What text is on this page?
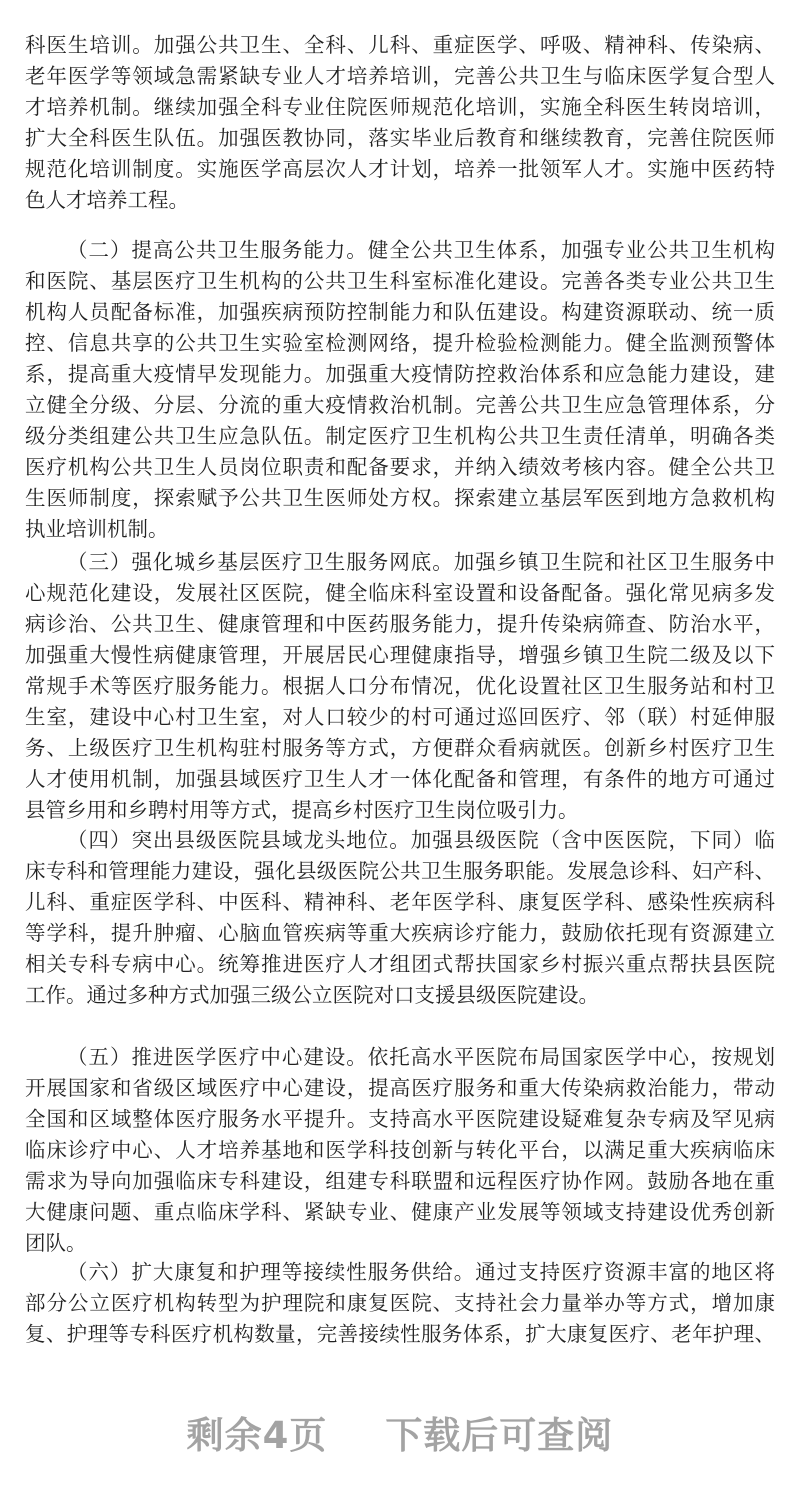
科医生培训。加强公共卫生、全科、儿科、重症医学、呼吸、精神科、传染病、
老年医学等领域急需紧缺专业人才培养培训，完善公共卫生与临床医学复合型人
才培养机制。继续加强全科专业住院医师规范化培训，实施全科医生转岗培训，
扩大全科医生队伍。加强医教协同，落实毕业后教育和继续教育，完善住院医师
规范化培训制度。实施医学高层次人才计划，培养一批领军人才。实施中医药特
色人才培养工程。
（二）提高公共卫生服务能力。健全公共卫生体系，加强专业公共卫生机构
和医院、基层医疗卫生机构的公共卫生科室标准化建设。完善各类专业公共卫生
机构人员配备标准，加强疾病预防控制能力和队伍建设。构建资源联动、统一质
控、信息共享的公共卫生实验室检测网络，提升检验检测能力。健全监测预警体
系，提高重大疫情早发现能力。加强重大疫情防控救治体系和应急能力建设，建
立健全分级、分层、分流的重大疫情救治机制。完善公共卫生应急管理体系，分
级分类组建公共卫生应急队伍。制定医疗卫生机构公共卫生责任清单，明确各类
医疗机构公共卫生人员岗位职责和配备要求，并纳入绩效考核内容。健全公共卫
生医师制度，探索赋予公共卫生医师处方权。探索建立基层军医到地方急救机构
执业培训机制。
（三）强化城乡基层医疗卫生服务网底。加强乡镇卫生院和社区卫生服务中
心规范化建设，发展社区医院，健全临床科室设置和设备配备。强化常见病多发
病诊治、公共卫生、健康管理和中医药服务能力，提升传染病筛查、防治水平，
加强重大慢性病健康管理，开展居民心理健康指导，增强乡镇卫生院二级及以下
常规手术等医疗服务能力。根据人口分布情况，优化设置社区卫生服务站和村卫
生室，建设中心村卫生室，对人口较少的村可通过巡回医疗、邻（联）村延伸服
务、上级医疗卫生机构驻村服务等方式，方便群众看病就医。创新乡村医疗卫生
人才使用机制，加强县域医疗卫生人才一体化配备和管理，有条件的地方可通过
县管乡用和乡聘村用等方式，提高乡村医疗卫生岗位吸引力。
（四）突出县级医院县域龙头地位。加强县级医院（含中医医院，下同）临
床专科和管理能力建设，强化县级医院公共卫生服务职能。发展急诊科、妇产科、
儿科、重症医学科、中医科、精神科、老年医学科、康复医学科、感染性疾病科
等学科，提升肿瘤、心脑血管疾病等重大疾病诊疗能力，鼓励依托现有资源建立
相关专科专病中心。统筹推进医疗人才组团式帮扶国家乡村振兴重点帮扶县医院
工作。通过多种方式加强三级公立医院对口支援县级医院建设。
（五）推进医学医疗中心建设。依托高水平医院布局国家医学中心，按规划
开展国家和省级区域医疗中心建设，提高医疗服务和重大传染病救治能力，带动
全国和区域整体医疗服务水平提升。支持高水平医院建设疑难复杂专病及罕见病
临床诊疗中心、人才培养基地和医学科技创新与转化平台，以满足重大疾病临床
需求为导向加强临床专科建设，组建专科联盟和远程医疗协作网。鼓励各地在重
大健康问题、重点临床学科、紧缺专业、健康产业发展等领域支持建设优秀创新
团队。
（六）扩大康复和护理等接续性服务供给。通过支持医疗资源丰富的地区将
部分公立医疗机构转型为护理院和康复医院、支持社会力量举办等方式，增加康
复、护理等专科医疗机构数量，完善接续性服务体系，扩大康复医疗、老年护理、
剩余4页 下载后可查阅
